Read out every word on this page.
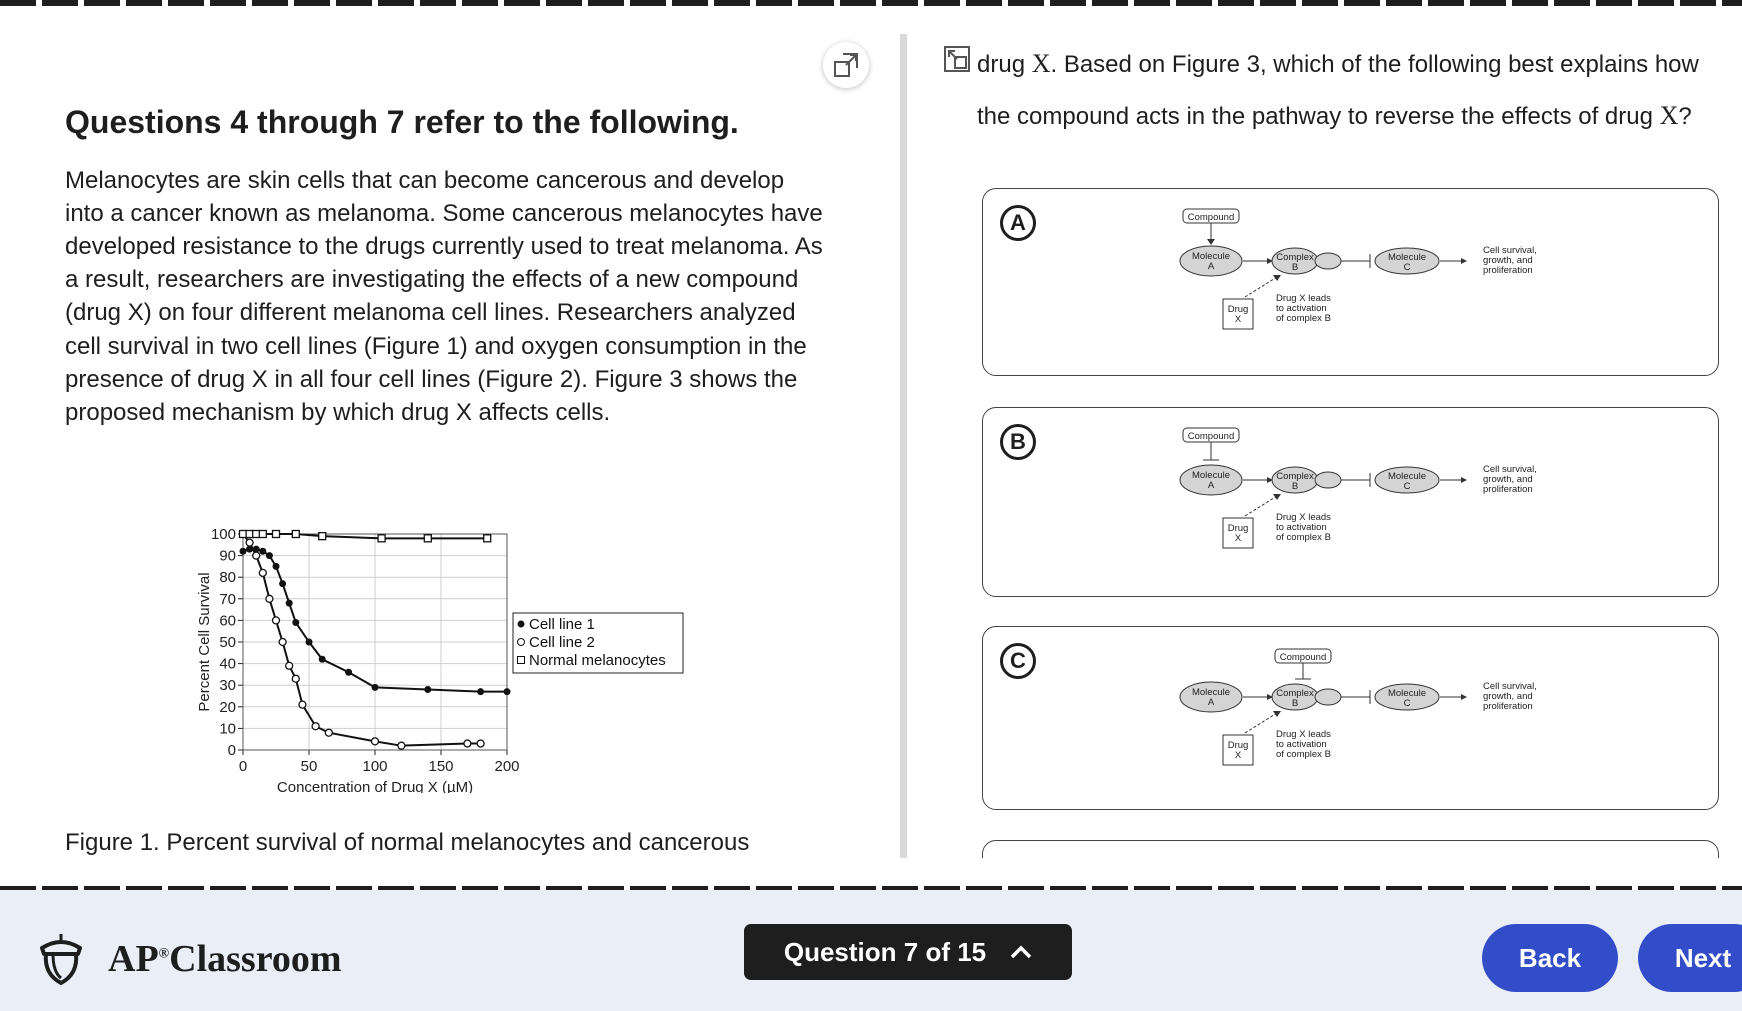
Questions 4 through 7 refer to the following.

Melanocytes are skin cells that can become cancerous and develop into a cancer known as melanoma. Some cancerous melanocytes have developed resistance to the drugs currently used to treat melanoma. As a result, researchers are investigating the effects of a new compound (drug X) on four different melanoma cell lines. Researchers analyzed cell survival in two cell lines (Figure 1) and oxygen consumption in the presence of drug X in all four cell lines (Figure 2). Figure 3 shows the proposed mechanism by which drug X affects cells.

0	50	100	150	200
0
10
20
30
40
50
60
70
80
90
100
Concentration of Drug X (µM)
Percent Cell Survival	Cell line 1
Cell line 2
Normal melanocytes
Figure 1. Percent survival of normal melanocytes and cancerous
drug X. Based on Figure 3, which of the following best explains how the compound acts in the pathway to reverse the effects of drug X?
A	Compound
Molecule
A
Complex
B
Molecule
C
Cell survival,
growth, and
proliferation
Drug
X
Drug X leads
to activation
of complex B
B	Compound
Molecule
A
Complex
B
Molecule
C
Cell survival,
growth, and
proliferation
Drug
X
Drug X leads
to activation
of complex B
C	Compound
Molecule
A
Complex
B
Molecule
C
Cell survival,
growth, and
proliferation
Drug
X
Drug X leads
to activation
of complex B
AP®Classroom	Question 7 of 15	Back	Next
